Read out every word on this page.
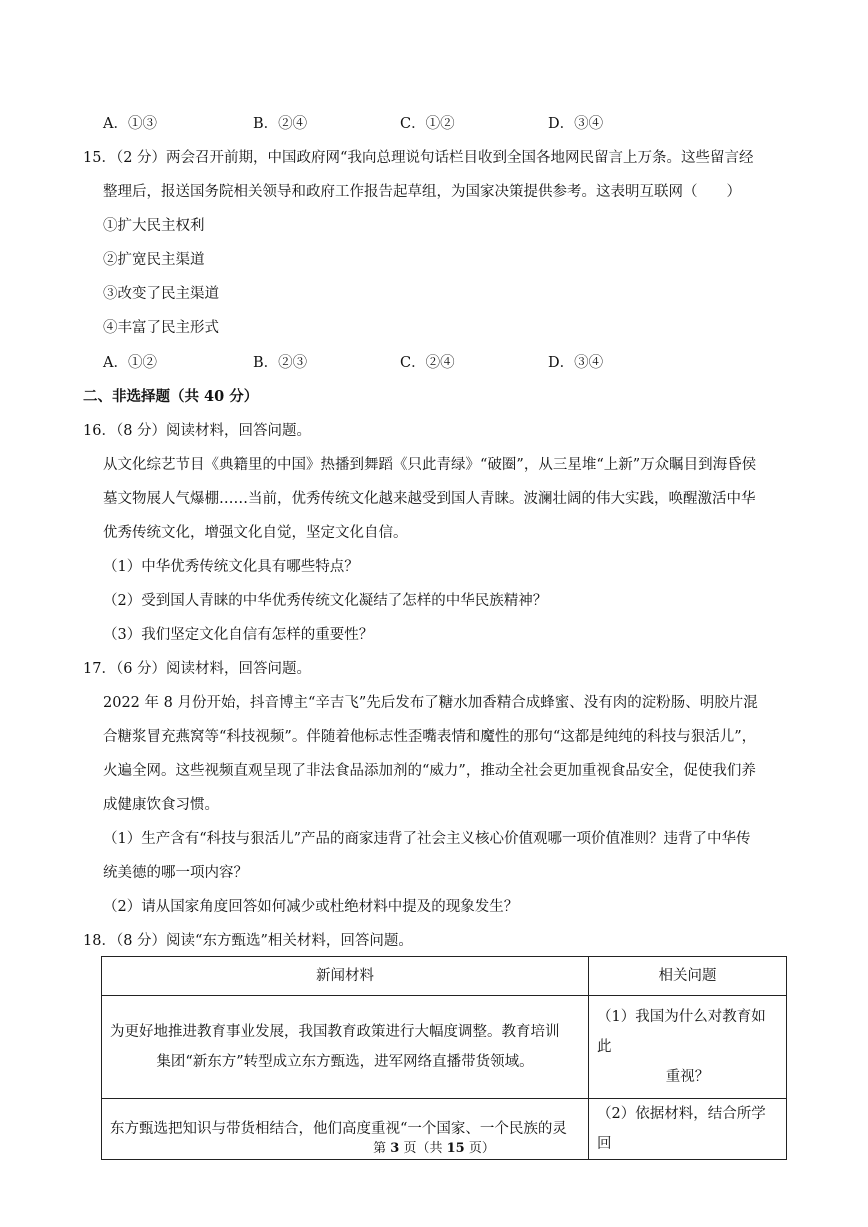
A．①③	B．②④	C．①②	D．③④
15．（2 分）两会召开前期，中国政府网“我向总理说句话栏目收到全国各地网民留言上万条。这些留言经
整理后，报送国务院相关领导和政府工作报告起草组，为国家决策提供参考。这表明互联网（　　）
①扩大民主权利
②扩宽民主渠道
③改变了民主渠道
④丰富了民主形式
A．①②	B．②③	C．②④	D．③④
二、非选择题（共 40 分）
16．（8 分）阅读材料，回答问题。
从文化综艺节目《典籍里的中国》热播到舞蹈《只此青绿》“破圈”，从三星堆“上新”万众瞩目到海昏侯
墓文物展人气爆棚……当前，优秀传统文化越来越受到国人青睐。波澜壮阔的伟大实践，唤醒激活中华
优秀传统文化，增强文化自觉，坚定文化自信。
（1）中华优秀传统文化具有哪些特点？
（2）受到国人青睐的中华优秀传统文化凝结了怎样的中华民族精神？
（3）我们坚定文化自信有怎样的重要性？
17．（6 分）阅读材料，回答问题。
2022 年 8 月份开始，抖音博主“辛吉飞”先后发布了糖水加香精合成蜂蜜、没有肉的淀粉肠、明胶片混
合糖浆冒充燕窝等“科技视频”。伴随着他标志性歪嘴表情和魔性的那句“这都是纯纯的科技与狠活儿”，
火遍全网。这些视频直观呈现了非法食品添加剂的“威力”，推动全社会更加重视食品安全，促使我们养
成健康饮食习惯。
（1）生产含有“科技与狠活儿”产品的商家违背了社会主义核心价值观哪一项价值准则？违背了中华传
统美德的哪一项内容？
（2）请从国家角度回答如何减少或杜绝材料中提及的现象发生？
18．（8 分）阅读“东方甄选”相关材料，回答问题。
新闻材料	相关问题

为更好地推进教育事业发展，我国教育政策进行大幅度调整。教育培训
集团“新东方”转型成立东方甄选，进军网络直播带货领域。	（1）我国为什么对教育如此
重视？

东方甄选把知识与带货相结合，他们高度重视“一个国家、一个民族的灵	（2）依据材料，结合所学回
第 3 页（共 15 页）
